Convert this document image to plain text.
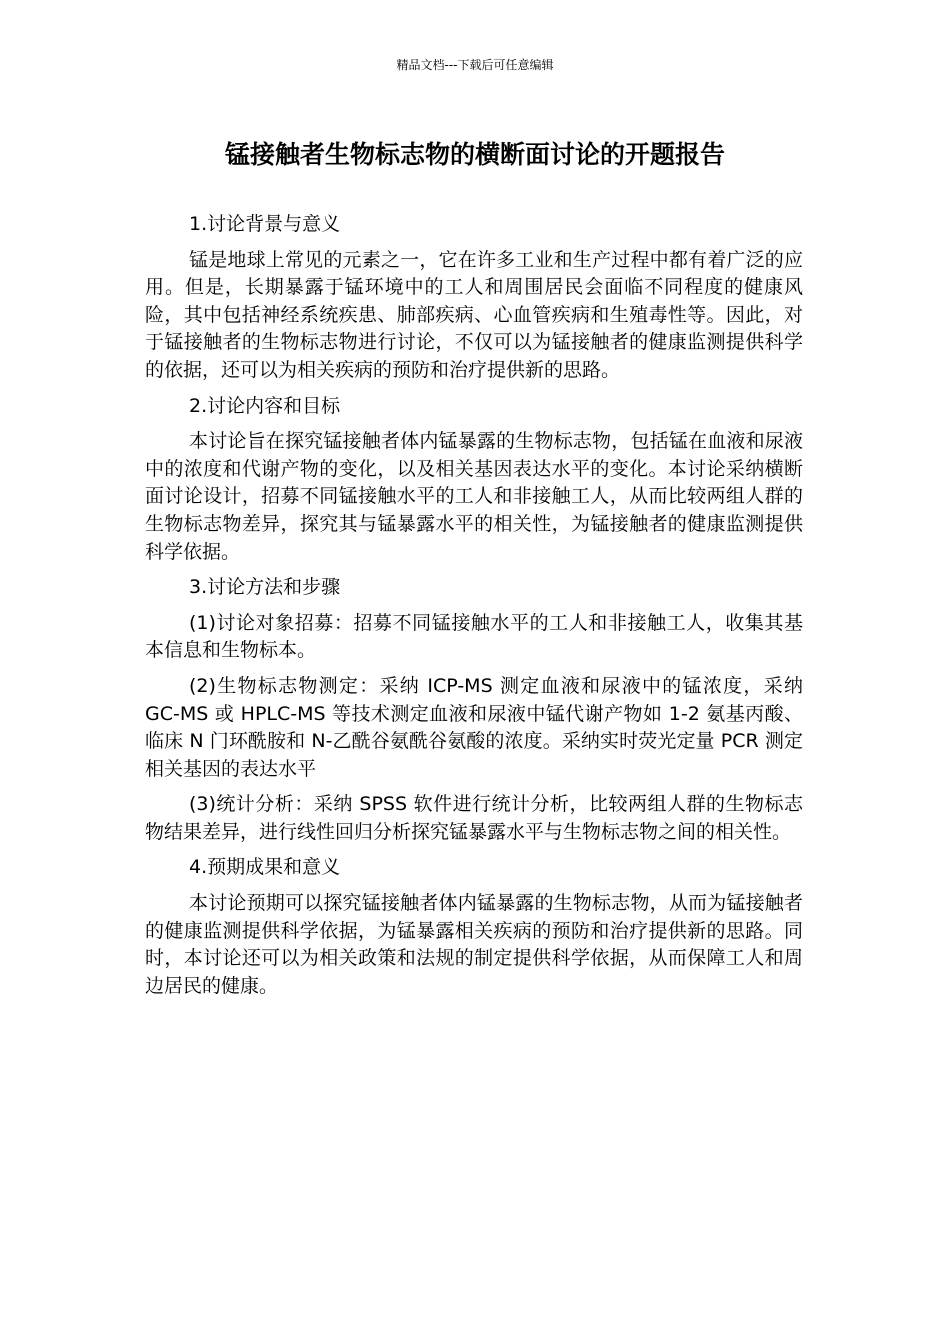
精品文档---下载后可任意编辑
锰接触者生物标志物的横断面讨论的开题报告

1.讨论背景与意义

锰是地球上常见的元素之一，它在许多工业和生产过程中都有着广泛的应用。但是，长期暴露于锰环境中的工人和周围居民会面临不同程度的健康风险，其中包括神经系统疾患、肺部疾病、心血管疾病和生殖毒性等。因此，对于锰接触者的生物标志物进行讨论，不仅可以为锰接触者的健康监测提供科学的依据，还可以为相关疾病的预防和治疗提供新的思路。

2.讨论内容和目标

本讨论旨在探究锰接触者体内锰暴露的生物标志物，包括锰在血液和尿液中的浓度和代谢产物的变化，以及相关基因表达水平的变化。本讨论采纳横断面讨论设计，招募不同锰接触水平的工人和非接触工人，从而比较两组人群的生物标志物差异，探究其与锰暴露水平的相关性，为锰接触者的健康监测提供科学依据。

3.讨论方法和步骤

(1)讨论对象招募：招募不同锰接触水平的工人和非接触工人，收集其基本信息和生物标本。

(2)生物标志物测定：采纳 ICP-MS 测定血液和尿液中的锰浓度，采纳 GC-MS 或 HPLC-MS 等技术测定血液和尿液中锰代谢产物如 1-2 氨基丙酸、临床 N 门环酰胺和 N-乙酰谷氨酰谷氨酸的浓度。采纳实时荧光定量 PCR 测定相关基因的表达水平

(3)统计分析：采纳 SPSS 软件进行统计分析，比较两组人群的生物标志物结果差异，进行线性回归分析探究锰暴露水平与生物标志物之间的相关性。

4.预期成果和意义

本讨论预期可以探究锰接触者体内锰暴露的生物标志物，从而为锰接触者的健康监测提供科学依据，为锰暴露相关疾病的预防和治疗提供新的思路。同时，本讨论还可以为相关政策和法规的制定提供科学依据，从而保障工人和周边居民的健康。
